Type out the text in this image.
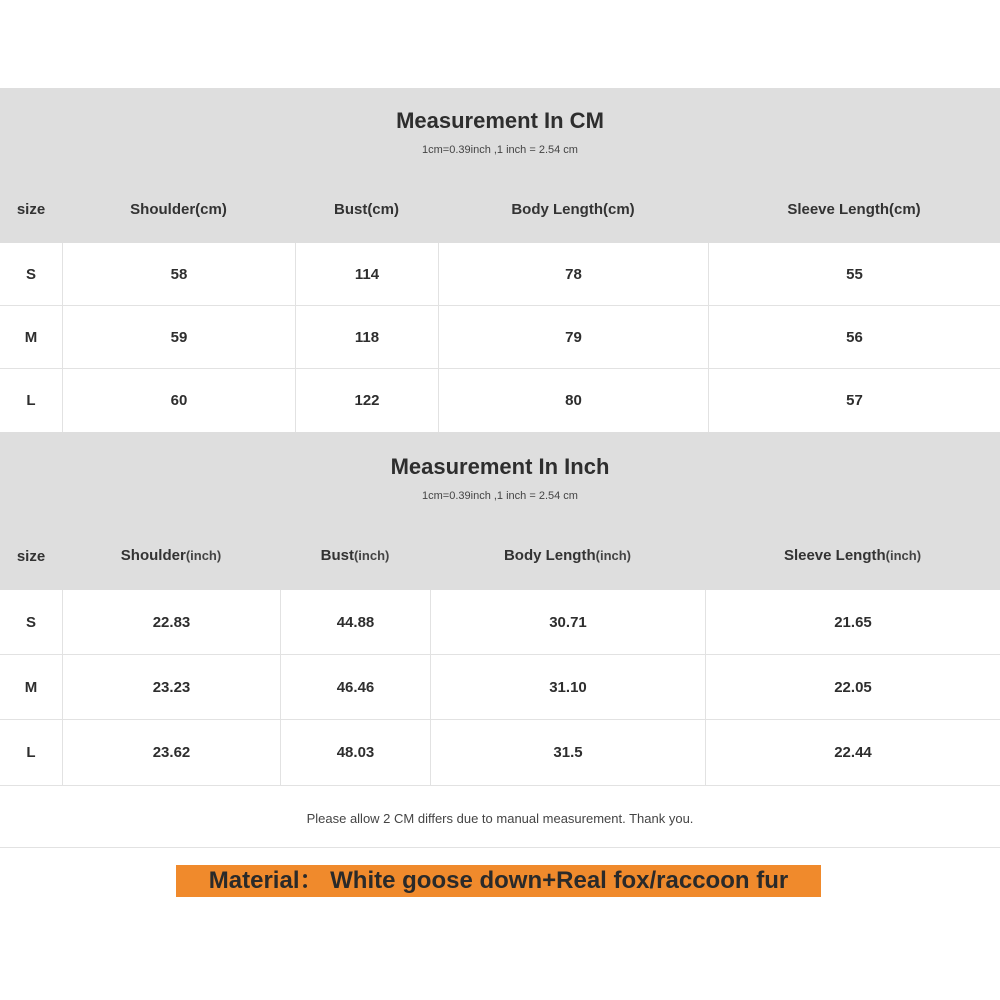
Measurement In CM
1cm=0.39inch ,1 inch = 2.54 cm
size	Shoulder(cm)	Bust(cm)	Body Length(cm)	Sleeve Length(cm)
S	58	114	78	55
M	59	118	79	56
L	60	122	80	57
Measurement In Inch
1cm=0.39inch ,1 inch = 2.54 cm
size	Shoulder(inch)	Bust(inch)	Body Length(inch)	Sleeve Length(inch)
S	22.83	44.88	30.71	21.65
M	23.23	46.46	31.10	22.05
L	23.62	48.03	31.5	22.44
Please allow 2 CM differs due to manual measurement. Thank you.
Material： White goose down+Real fox/raccoon fur
